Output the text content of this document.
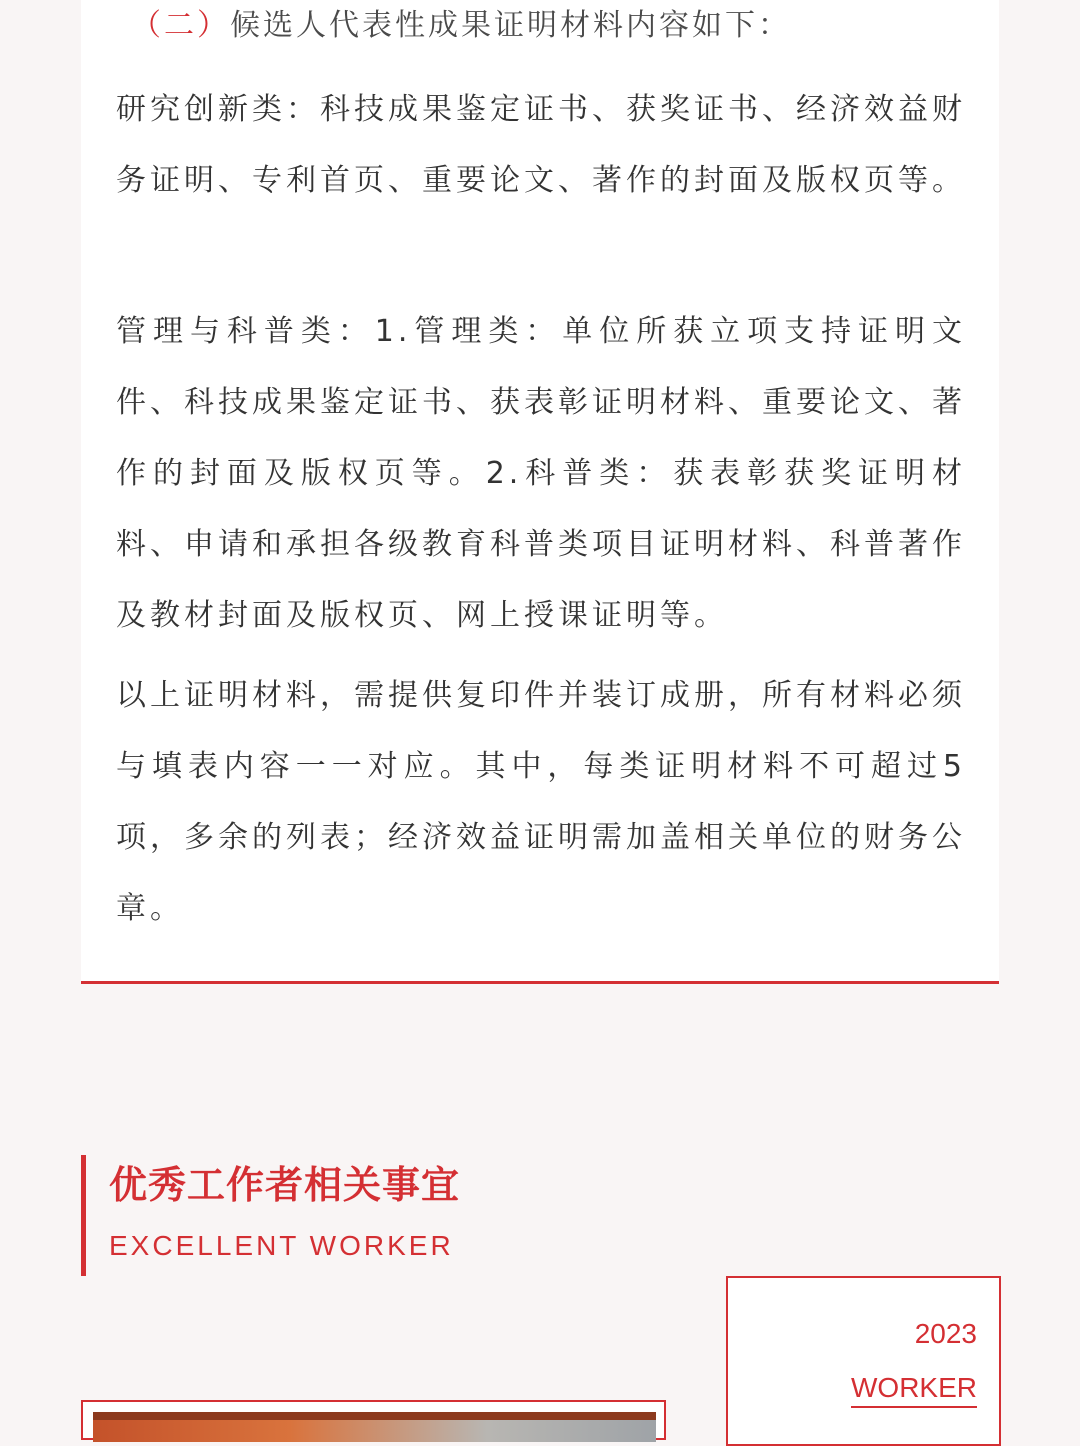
（二）候选人代表性成果证明材料内容如下：

研究创新类：科技成果鉴定证书、获奖证书、经济效益财务证明、专利首页、重要论文、著作的封面及版权页等。

管理与科普类：1.管理类：单位所获立项支持证明文件、科技成果鉴定证书、获表彰证明材料、重要论文、著作的封面及版权页等。2.科普类：获表彰获奖证明材料、申请和承担各级教育科普类项目证明材料、科普著作及教材封面及版权页、网上授课证明等。

以上证明材料，需提供复印件并装订成册，所有材料必须与填表内容一一对应。其中，每类证明材料不可超过5项，多余的列表；经济效益证明需加盖相关单位的财务公章。

优秀工作者相关事宜
EXCELLENT WORKER
2023
WORKER
